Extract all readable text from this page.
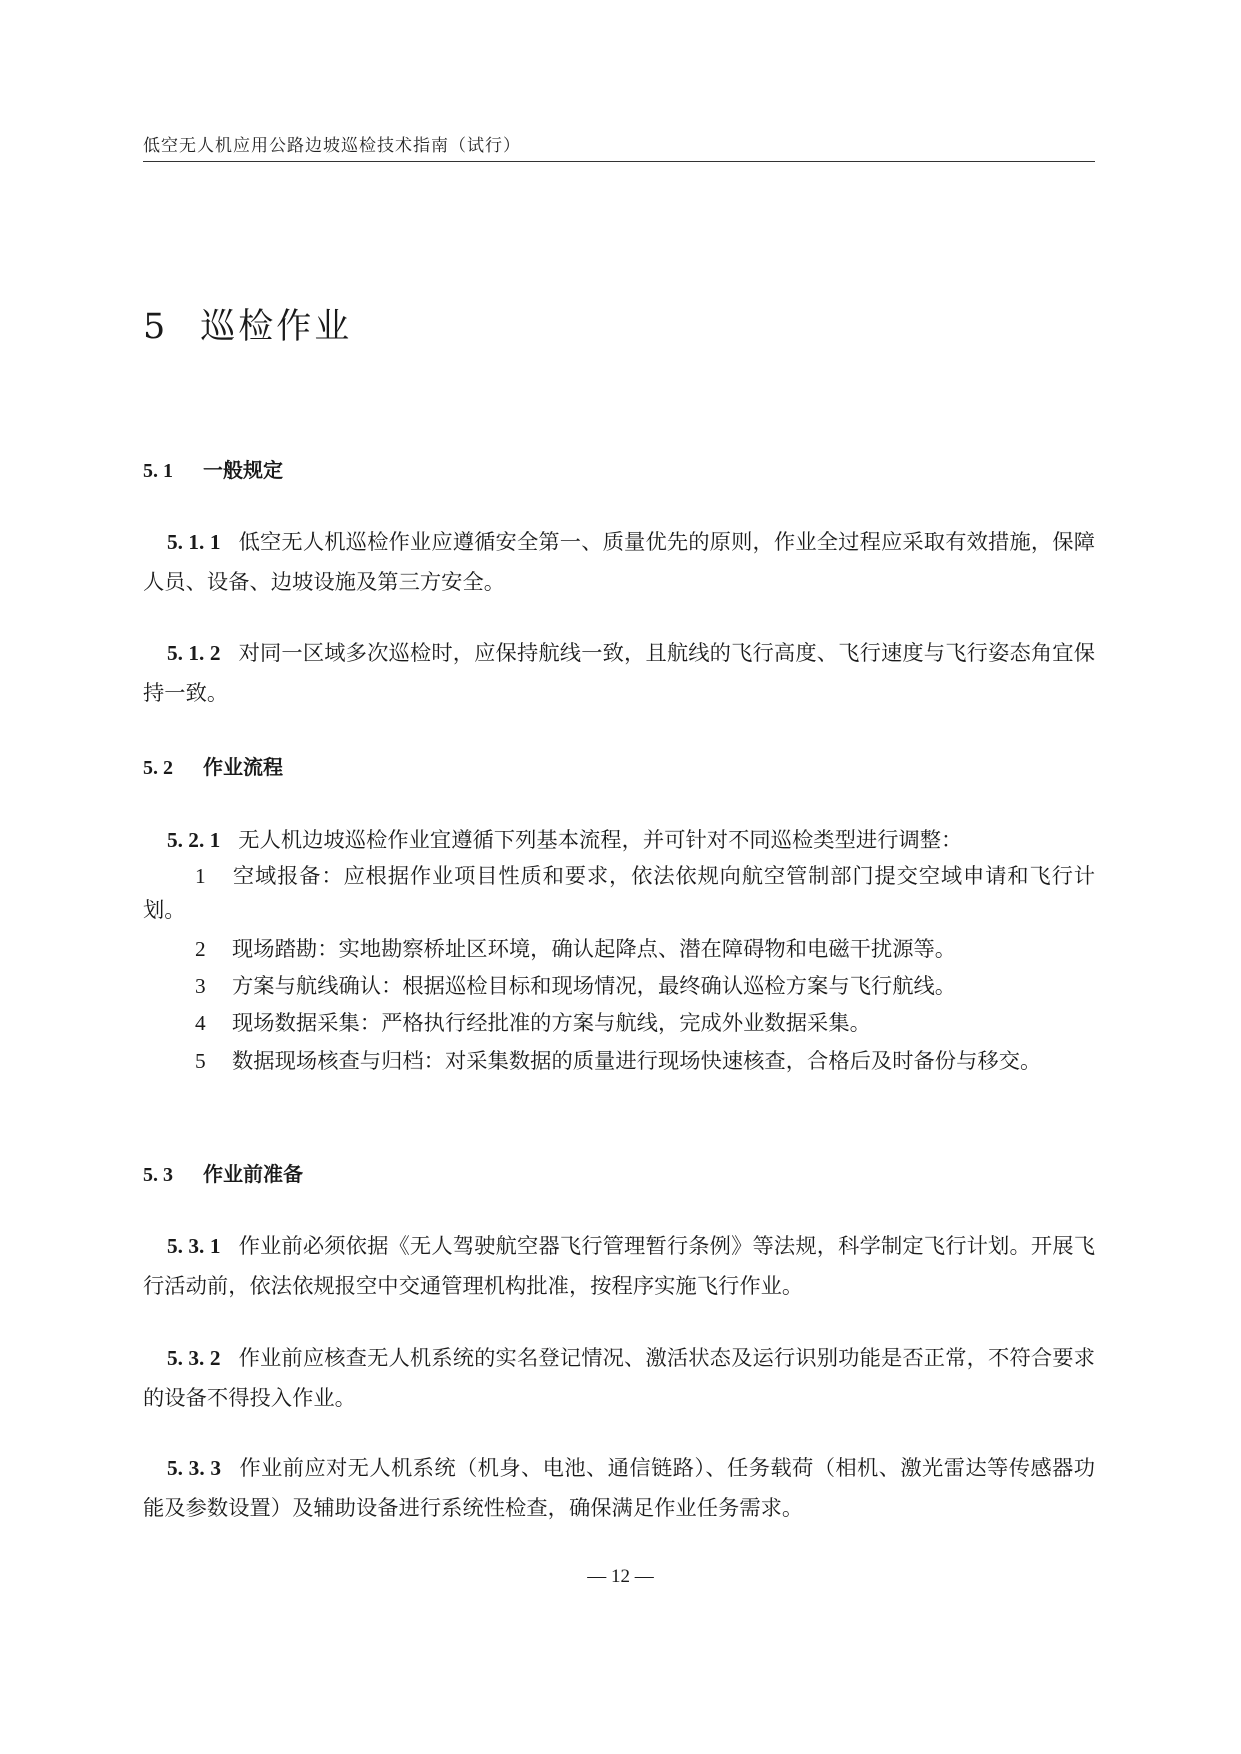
低空无人机应用公路边坡巡检技术指南（试行）
5 巡检作业
5. 1	一般规定

5. 1. 1 低空无人机巡检作业应遵循安全第一、质量优先的原则，作业全过程应采取有效措施，保障人员、设备、边坡设施及第三方安全。

5. 1. 2 对同一区域多次巡检时，应保持航线一致，且航线的飞行高度、飞行速度与飞行姿态角宜保持一致。

5. 2	作业流程

5. 2. 1 无人机边坡巡检作业宜遵循下列基本流程，并可针对不同巡检类型进行调整：

1 空域报备：应根据作业项目性质和要求，依法依规向航空管制部门提交空域申请和飞行计划。

2 现场踏勘：实地勘察桥址区环境，确认起降点、潜在障碍物和电磁干扰源等。

3 方案与航线确认：根据巡检目标和现场情况，最终确认巡检方案与飞行航线。

4 现场数据采集：严格执行经批准的方案与航线，完成外业数据采集。

5 数据现场核查与归档：对采集数据的质量进行现场快速核查，合格后及时备份与移交。

5. 3	作业前准备

5. 3. 1 作业前必须依据《无人驾驶航空器飞行管理暂行条例》等法规，科学制定飞行计划。开展飞行活动前，依法依规报空中交通管理机构批准，按程序实施飞行作业。

5. 3. 2 作业前应核查无人机系统的实名登记情况、激活状态及运行识别功能是否正常，不符合要求的设备不得投入作业。

5. 3. 3 作业前应对无人机系统（机身、电池、通信链路）、任务载荷（相机、激光雷达等传感器功能及参数设置）及辅助设备进行系统性检查，确保满足作业任务需求。

— 12 —
